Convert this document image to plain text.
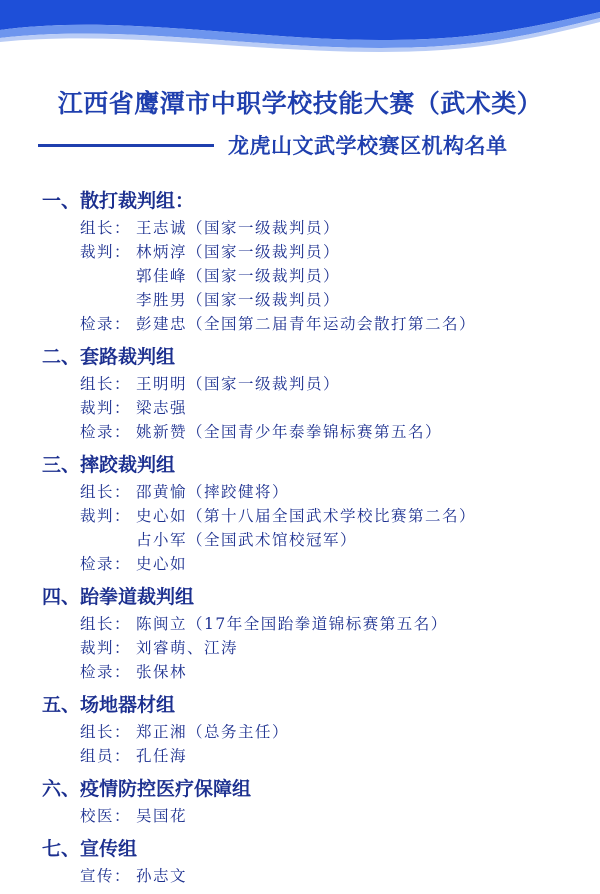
江西省鹰潭市中职学校技能大赛（武术类）
龙虎山文武学校赛区机构名单
一、散打裁判组：
组长： 王志诚（国家一级裁判员）
裁判： 林炳淳（国家一级裁判员）
郭佳峰（国家一级裁判员）
李胜男（国家一级裁判员）
检录： 彭建忠（全国第二届青年运动会散打第二名）
二、套路裁判组
组长： 王明明（国家一级裁判员）
裁判： 梁志强
检录： 姚新赞（全国青少年泰拳锦标赛第五名）
三、摔跤裁判组
组长： 邵黄愉（摔跤健将）
裁判： 史心如（第十八届全国武术学校比赛第二名）
占小军（全国武术馆校冠军）
检录： 史心如
四、跆拳道裁判组
组长： 陈闽立（17年全国跆拳道锦标赛第五名）
裁判： 刘睿萌、江涛
检录： 张保林
五、场地器材组
组长： 郑正湘（总务主任）
组员： 孔任海
六、疫情防控医疗保障组
校医： 吴国花
七、宣传组
宣传： 孙志文
